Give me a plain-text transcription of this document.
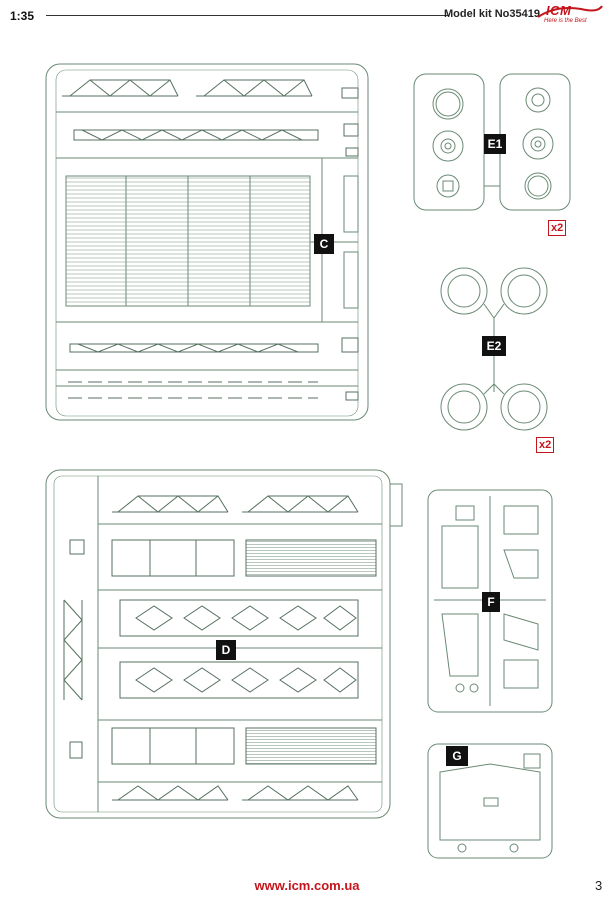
1:35	Model kit No35419 ICM
Here is the Best
C
E1
x2
E2
x2
D
F
G
www.icm.com.ua	3
